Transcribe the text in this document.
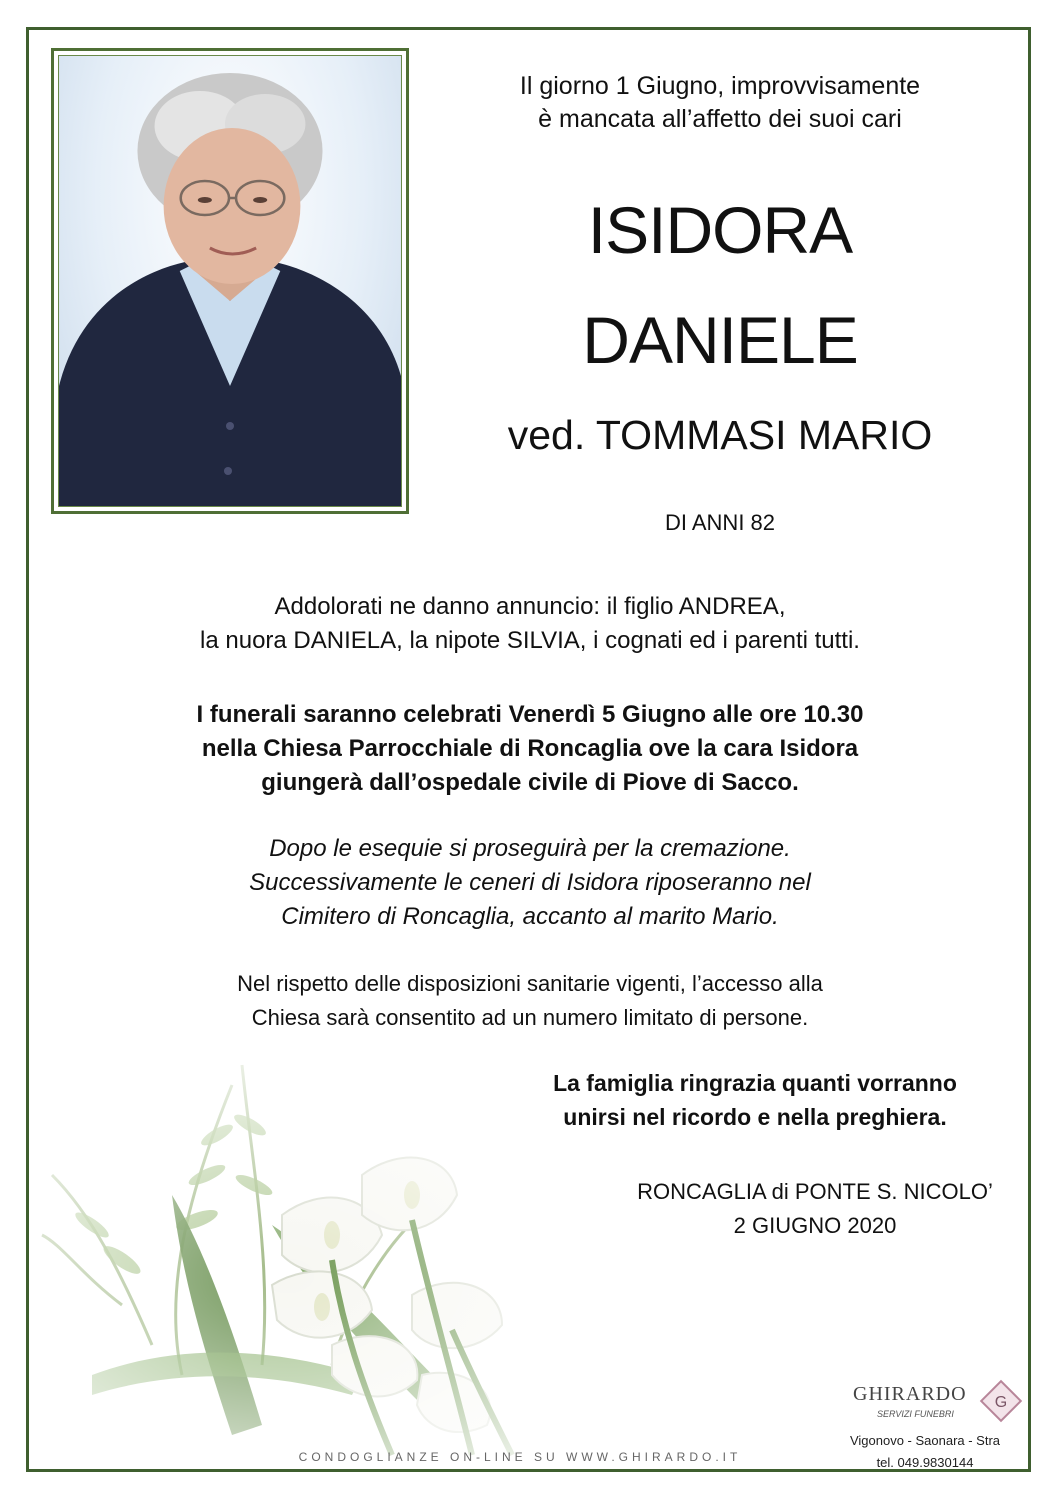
Il giorno 1 Giugno, improvvisamente
è mancata all’affetto dei suoi cari
ISIDORA
DANIELE
ved. TOMMASI MARIO
DI ANNI 82
Addolorati ne danno annuncio: il figlio ANDREA,
la nuora DANIELA, la nipote SILVIA, i cognati ed i parenti tutti.
I funerali saranno celebrati Venerdì 5 Giugno alle ore 10.30
nella Chiesa Parrocchiale di Roncaglia ove la cara Isidora
giungerà dall’ospedale civile di Piove di Sacco.
Dopo le esequie si proseguirà per la cremazione.
Successivamente le ceneri di Isidora riposeranno nel
Cimitero di Roncaglia, accanto al marito Mario.
Nel rispetto delle disposizioni sanitarie vigenti, l’accesso alla
Chiesa sarà consentito ad un numero limitato di persone.
La famiglia ringrazia quanti vorranno
unirsi nel ricordo e nella preghiera.
RONCAGLIA di PONTE S. NICOLO’
2 GIUGNO 2020
GHIRARDO
SERVIZI FUNEBRI
G
Vigonovo - Saonara - Stra
tel. 049.9830144
CONDOGLIANZE ON-LINE SU WWW.GHIRARDO.IT
